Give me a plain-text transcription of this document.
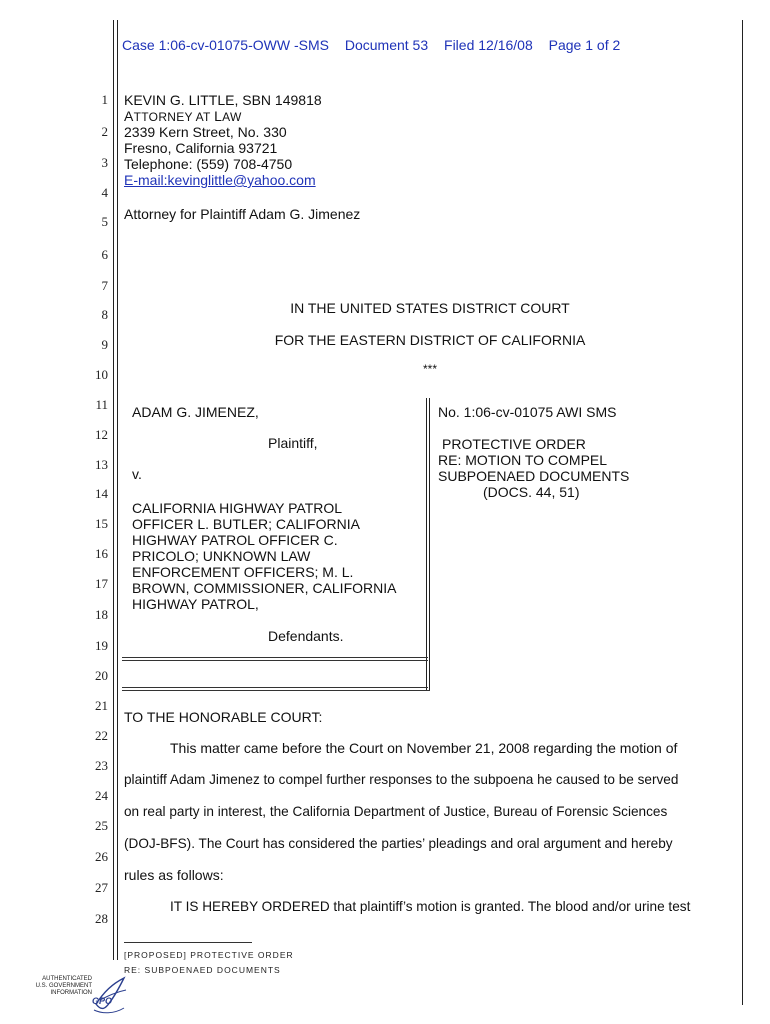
Case 1:06-cv-01075-OWW -SMS Document 53 Filed 12/16/08 Page 1 of 2
1
2
3
4
5
6
7
8
9
10
11
12
13
14
15
16
17
18
19
20
21
22
23
24
25
26
27
28
KEVIN G. LITTLE, SBN 149818
ATTORNEY AT LAW
2339 Kern Street, No. 330
Fresno, California 93721
Telephone: (559) 708-4750
E-mail:kevinglittle@yahoo.com
Attorney for Plaintiff Adam G. Jimenez
IN THE UNITED STATES DISTRICT COURT
FOR THE EASTERN DISTRICT OF CALIFORNIA
***
ADAM G. JIMENEZ,
Plaintiff,
v.
CALIFORNIA HIGHWAY PATROL
OFFICER L. BUTLER; CALIFORNIA
HIGHWAY PATROL OFFICER C.
PRICOLO; UNKNOWN LAW
ENFORCEMENT OFFICERS; M. L.
BROWN, COMMISSIONER, CALIFORNIA
HIGHWAY PATROL,
Defendants.
No. 1:06-cv-01075 AWI SMS
PROTECTIVE ORDER
RE: MOTION TO COMPEL
SUBPOENAED DOCUMENTS
(DOCS. 44, 51)
TO THE HONORABLE COURT:
This matter came before the Court on November 21, 2008 regarding the motion of
plaintiff Adam Jimenez to compel further responses to the subpoena he caused to be served
on real party in interest, the California Department of Justice, Bureau of Forensic Sciences
(DOJ-BFS). The Court has considered the parties’ pleadings and oral argument and hereby
rules as follows:
IT IS HEREBY ORDERED that plaintiff’s motion is granted. The blood and/or urine test
[PROPOSED] PROTECTIVE ORDER
RE: SUBPOENAED DOCUMENTS
AUTHENTICATED
U.S. GOVERNMENT
INFORMATION
GPO
